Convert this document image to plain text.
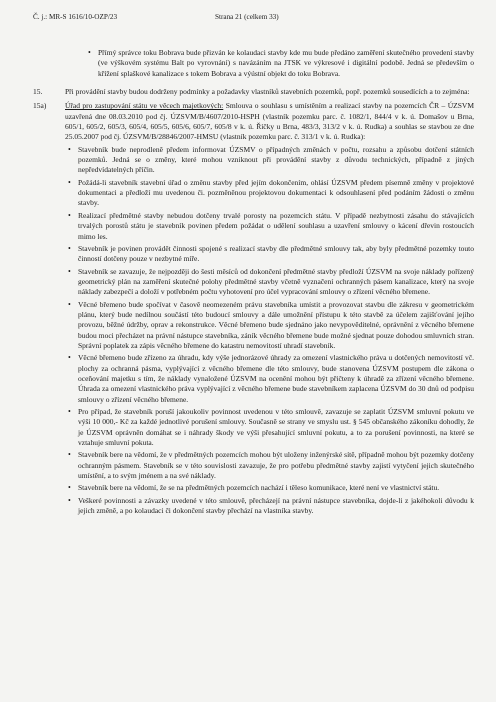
Č. j.: MR-S 1616/10-OZP/23	Strana 21 (celkem 33)
• Přímý správce toku Bobrava bude přizván ke kolaudaci stavby kde mu bude předáno zaměření skutečného provedení stavby (ve výškovém systému Balt po vyrovnání) s navázáním na JTSK ve výkresové i digitální podobě. Jedná se především o křížení splaškové kanalizace s tokem Bobrava a výústní objekt do toku Bobrava.
15.	Při provádění stavby budou dodrženy podmínky a požadavky vlastníků stavebních pozemků, popř. pozemků sousedících a to zejména:
15a) Úřad pro zastupování státu ve věcech majetkových: Smlouva o souhlasu s umístěním a realizací stavby na pozemcích ČR – ÚZSVM uzavřená dne 08.03.2010 pod čj. ÚZSVM/B/4607/2010-HSPH (vlastník pozemku parc. č. 1082/1, 844/4 v k. ú. Domašov u Brna, 605/1, 605/2, 605/3, 605/4, 605/5, 605/6, 605/7, 605/8 v k. ú. Říčky u Brna, 483/3, 313/2 v k. ú. Rudka) a souhlas se stavbou ze dne 25.05.2007 pod čj. ÚZSVM/B/28846/2007-HMSU (vlastník pozemku parc. č. 313/1 v k. ú. Rudka):
• Stavebník bude neprodleně předem informovat ÚZSMV o případných změnách v počtu, rozsahu a způsobu dotčení státních pozemků. Jedná se o změny, které mohou vzniknout při provádění stavby z důvodu technických, případně z jiných nepředvídatelných příčin.
• Požádá-li stavebník stavební úřad o změnu stavby před jejím dokončením, ohlásí ÚZSVM předem písemně změny v projektové dokumentaci a předloží mu uvedenou či. pozměněnou projektovou dokumentaci k odsouhlasení před podáním žádosti o změnu stavby.
• Realizací předmětné stavby nebudou dotčeny trvalé porosty na pozemcích státu. V případě nezbytnosti zásahu do stávajících trvalých porostů státu je stavebník povinen předem požádat o udělení souhlasu a uzavření smlouvy o kácení dřevin rostoucích mimo les.
• Stavebník je povinen provádět činnosti spojené s realizací stavby dle předmětné smlouvy tak, aby byly předmětné pozemky touto činností dotčeny pouze v nezbytné míře.
• Stavebník se zavazuje, že nejpozději do šesti měsíců od dokončení předmětné stavby předloží ÚZSVM na svoje náklady pořízený geometrický plán na zaměření skutečné polohy předmětné stavby včetně vyznačení ochranných pásem kanalizace, který na svoje náklady zabezpečí a doloží v potřebném počtu vyhotovení pro účel vypracování smlouvy o zřízení věcného břemene.
• Věcné břemeno bude spočívat v časově neomezeném právu stavebníka umístit a provozovat stavbu dle zákresu v geometrickém plánu, který bude nedílnou součástí této budoucí smlouvy a dále umožnění přístupu k této stavbě za účelem zajišťování jejího provozu, běžné údržby, oprav a rekonstrukce. Věcné břemeno bude sjednáno jako nevypověditelné, oprávnění z věcného břemene budou moci přecházet na právní nástupce stavebníka, záník věcného břemene bude možné sjednat pouze dohodou smluvních stran. Správní poplatek za zápis věcného břemene do katastru nemovitostí uhradí stavebník.
• Věcné břemeno bude zřízeno za úhradu, kdy výše jednorázové úhrady za omezení vlastnického práva u dotčených nemovitostí vč. plochy za ochranná pásma, vyplývající z věcného břemene dle této smlouvy, bude stanovena ÚZSVM postupem dle zákona o oceňování majetku s tím, že náklady vynaložené ÚZSVM na ocenění mohou být přičteny k úhradě za zřízení věcného břemene. Úhrada za omezení vlastnického práva vyplývající z věcného břemene bude stavebníkem zaplacena ÚZSVM do 30 dnů od podpisu smlouvy o zřízení věcného břemene.
• Pro případ, že stavebník poruší jakoukoliv povinnost uvedenou v této smlouvě, zavazuje se zaplatit ÚZSVM smluvní pokutu ve výši 10 000,- Kč za každé jednotlivé porušení smlouvy. Současně se strany ve smyslu ust. § 545 občanského zákoníku dohodly, že je ÚZSVM oprávněn domáhat se i náhrady škody ve výši přesahující smluvní pokutu, a to za porušení povinnosti, na které se vztahuje smluvní pokuta.
• Stavebník bere na vědomí, že v předmětných pozemcích mohou být uloženy inženýrské sítě, případně mohou být pozemky dotčeny ochranným pásmem. Stavebník se v této souvislosti zavazuje, že pro potřebu předmětné stavby zajistí vytyčení jejich skutečného umístění, a to svým jménem a na své náklady.
• Stavebník bere na vědomí, že se na předmětných pozemcích nachází i těleso komunikace, které není ve vlastnictví státu.
• Veškeré povinnosti a závazky uvedené v této smlouvě, přecházejí na právní nástupce stavebníka, dojde-li z jakéhokoli důvodu k jejich změně, a po kolaudaci či dokončení stavby přechází na vlastníka stavby.
